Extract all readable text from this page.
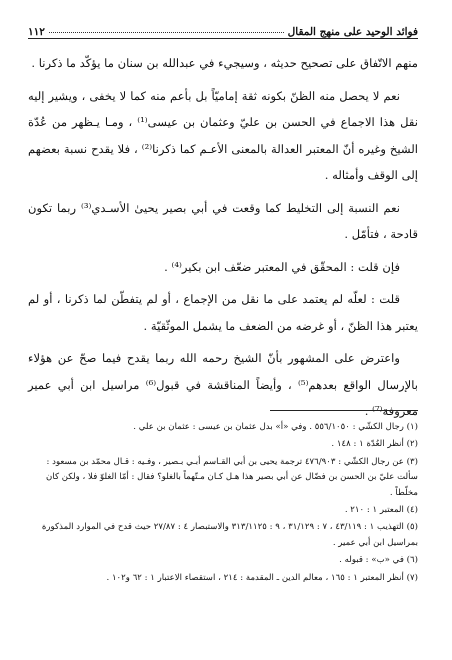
فوائد الوحيد على منهج المقال
١١٢

منهم الاتّفاق على تصحيح حديثه ، وسيجيء في عبدالله بن سنان ما يؤكّد ما ذكرنا .

نعم لا يحصل منه الظنّ بكونه ثقة إماميّاً بل بأعم منه كما لا يخفى ، ويشير إليه نقل هذا الاجماع في الحسن بن عليّ وعثمان بن عيسى⁽¹⁾ ، ومـا يـظهر من عُدّة الشيخ وغيره أنّ المعتبر العدالة بالمعنى الأعـم كما ذكرنا⁽²⁾ ، فلا يقدح نسبة بعضهم إلى الوقف وأمثاله .

نعم النسبة إلى التخليط كما وقعت في أبي بصير يحيىٰ الأسـدي⁽³⁾ ربما تكون قادحة ، فتأمّل .

فإن قلت : المحقّق في المعتبر ضعّف ابن بكير⁽⁴⁾ .

قلت : لعلّه لم يعتمد على ما نقل من الإجماع ، أو لم يتفطّن لما ذكرنا ، أو لم يعتبر هذا الظنّ ، أو غرضه من الضعف ما يشمل الموثّقيّة .

واعترض على المشهور بأنّ الشيخ رحمه الله ربما يقدح فيما صحّ عن هؤلاء بالإرسال الواقع بعدهم⁽⁵⁾ ، وأيضاً المناقشة في قبول⁽⁶⁾ مراسيل ابن أبي عمير معروفة⁽⁷⁾ .

(١) رجال الكشّي : ٥٥٦/١٠٥٠ . وفي «أ» بدل عثمان بن عيسى : عثمان بن علي .

(٢) أنظر العُدّة ١ : ١٤٨ .

(٣) عن رجال الكشّي : ٤٧٦/٩٠٣ ترجمة يحيى بن أبي القـاسم أبـي بـصير ، وفـيه : قـال محمّد بن مسعود : سألت عليّ بن الحسن بن فضّال عن أبي بصير هذا هـل كـان مـتّهماً بالغلو؟ فقال : أمّا الغلوّ فلا ، ولكن كان مخلّطاً .

(٤) المعتبر ١ : ٢١٠ .

(٥) التهذيب ١ : ٤٣/١١٩ ، ٧ : ٣١/١٢٩ ، ٩ : ٣١٣/١١٢٥ والاستبصار ٤ : ٢٧/٨٧ حيث قدح في الموارد المذكورة بمراسيل ابن أبي عمير .

(٦) في «ب» : قبوله .

(٧) أنظر المعتبر ١ : ١٦٥ ، معالم الدين ـ المقدمة : ٢١٤ ، استقصاء الاعتبار ١ : ٦٢ و١٠٢ .
